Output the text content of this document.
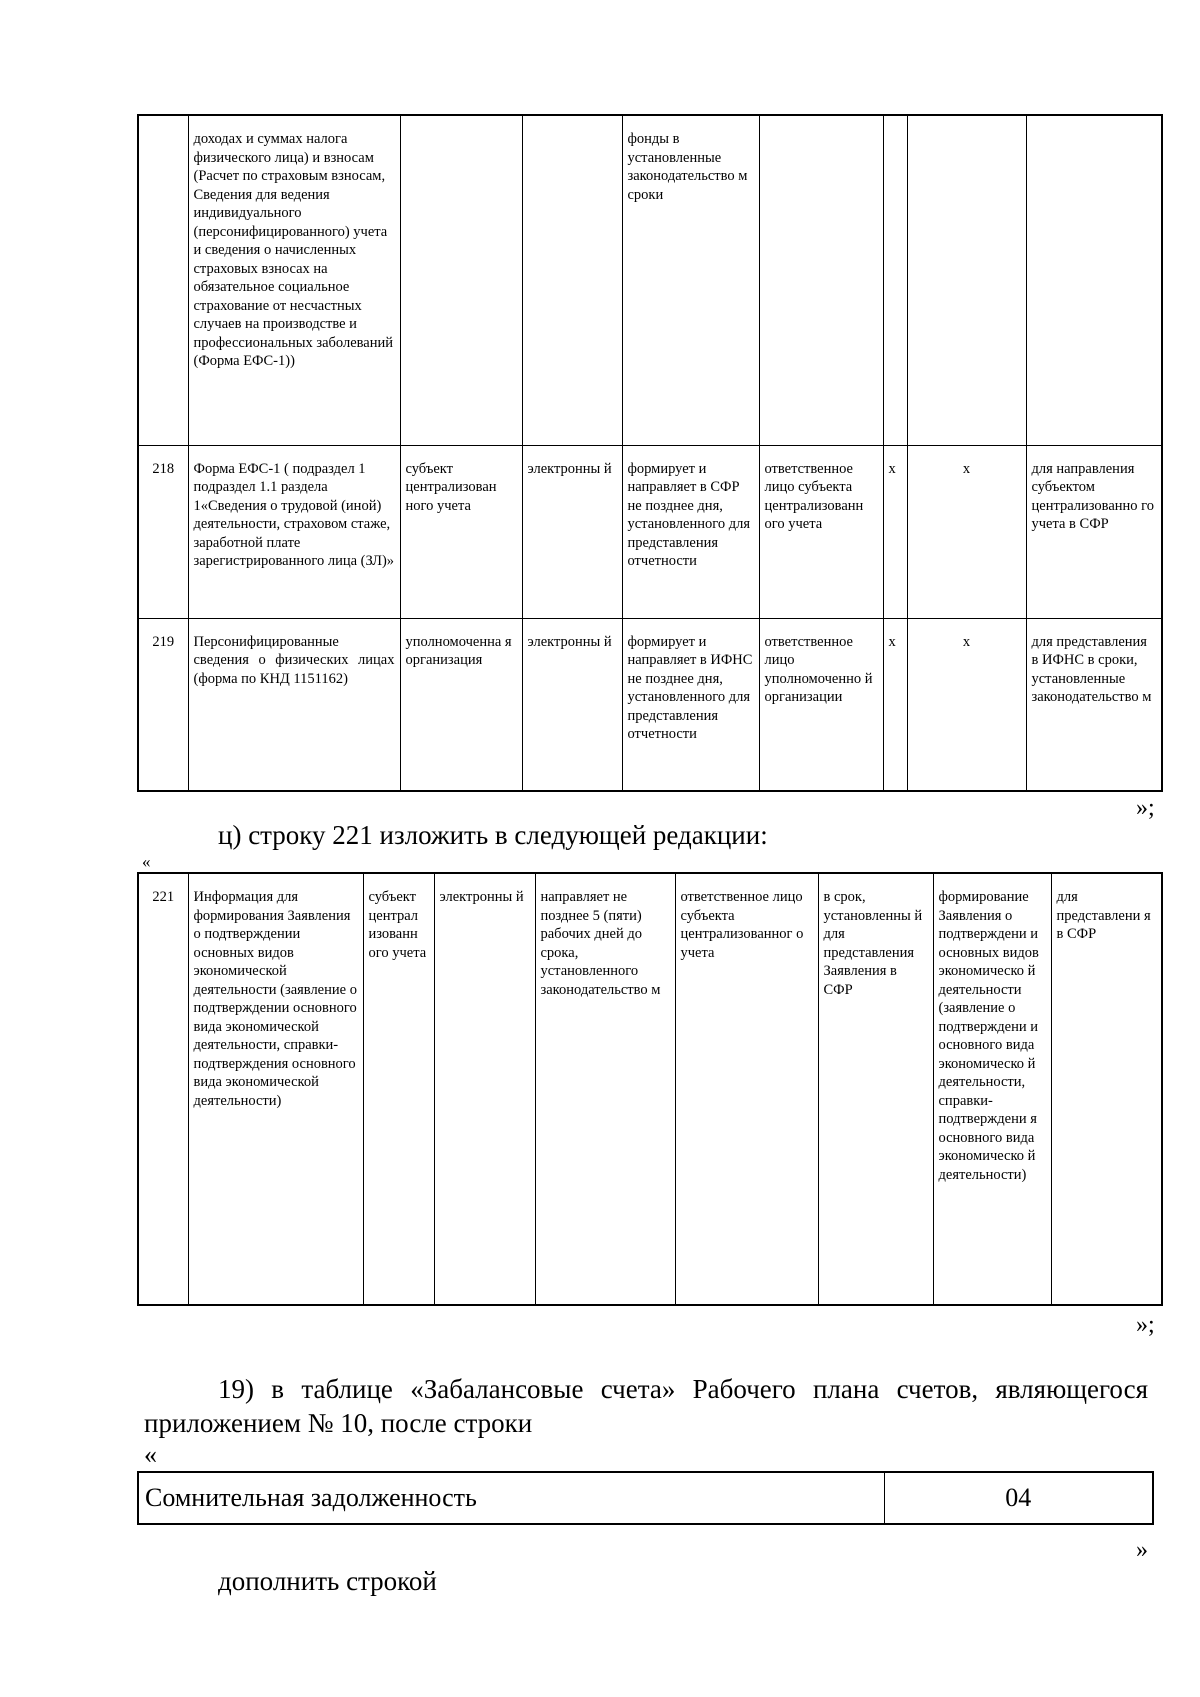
	доходах и суммах налога физического лица) и взносам (Расчет по страховым взносам, Сведения для ведения индивидуального (персонифицированного) учета и сведения о начисленных страховых взносах на обязательное социальное страхование от несчастных случаев на производстве и профессиональных заболеваний (Форма ЕФС-1))			фонды в установленные законодательство м сроки				
218	Форма ЕФС-1 ( подраздел 1 подраздел 1.1 раздела 1«Сведения о трудовой (иной) деятельности, страховом стаже, заработной плате зарегистрированного лица (ЗЛ)»	субъект централизован ного учета	электронны й	формирует и направляет в СФР не позднее дня, установленного для представления отчетности	ответственное лицо субъекта централизованн ого учета	х	х	для направления субъектом централизованно го учета в СФР
219	Персонифицированные сведения о физических лицах (форма по КНД 1151162)	уполномоченна я организация	электронны й	формирует и направляет в ИФНС не позднее дня, установленного для представления отчетности	ответственное лицо уполномоченно й организации	х	х	для представления в ИФНС в сроки, установленные законодательство м
»;
ц) строку 221 изложить в следующей редакции:
«
221	Информация для формирования Заявления о подтверждении основных видов экономической деятельности (заявление о подтверждении основного вида экономической деятельности, справки-подтверждения основного вида экономической деятельности)	субъект централ изованн ого учета	электронны й	направляет не позднее 5 (пяти) рабочих дней до срока, установленного законодательство м	ответственное лицо субъекта централизованног о учета	в срок, установленны й для представления Заявления в СФР	формирование Заявления о подтверждени и основных видов экономическо й деятельности (заявление о подтверждени и основного вида экономическо й деятельности, справки-подтверждени я основного вида экономическо й деятельности)	для представлени я в СФР
»;
19) в таблице «Забалансовые счета» Рабочего плана счетов, являющегося
приложением № 10, после строки
«
Сомнительная задолженность	04
»
дополнить строкой
